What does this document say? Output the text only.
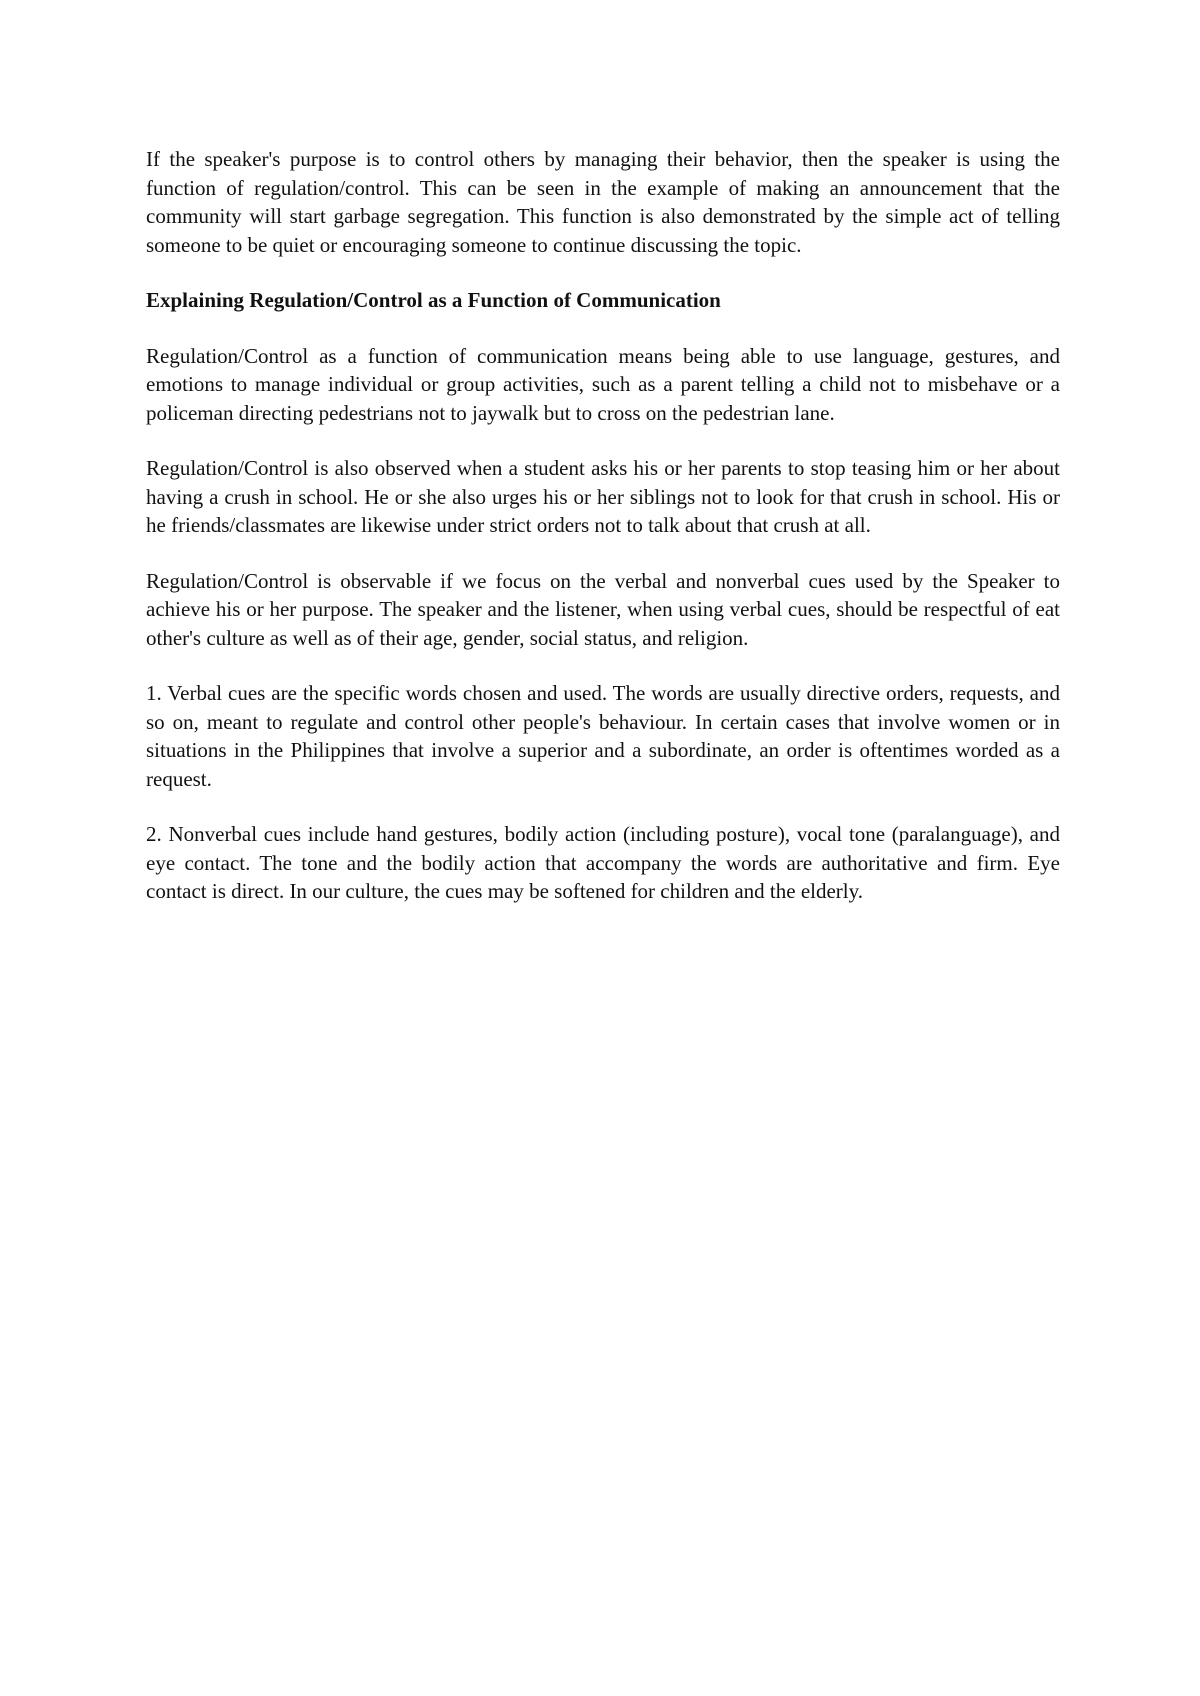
If the speaker's purpose is to control others by managing their behavior, then the speaker is using the function of regulation/control. This can be seen in the example of making an announcement that the community will start garbage segregation. This function is also demonstrated by the simple act of telling someone to be quiet or encouraging someone to continue discussing the topic.

Explaining Regulation/Control as a Function of Communication

Regulation/Control as a function of communication means being able to use language, gestures, and emotions to manage individual or group activities, such as a parent telling a child not to misbehave or a policeman directing pedestrians not to jaywalk but to cross on the pedestrian lane.

Regulation/Control is also observed when a student asks his or her parents to stop teasing him or her about having a crush in school. He or she also urges his or her siblings not to look for that crush in school. His or he friends/classmates are likewise under strict orders not to talk about that crush at all.

Regulation/Control is observable if we focus on the verbal and nonverbal cues used by the Speaker to achieve his or her purpose. The speaker and the listener, when using verbal cues, should be respectful of eat other's culture as well as of their age, gender, social status, and religion.

1. Verbal cues are the specific words chosen and used. The words are usually directive orders, requests, and so on, meant to regulate and control other people's behaviour. In certain cases that involve women or in situations in the Philippines that involve a superior and a subordinate, an order is oftentimes worded as a request.

2. Nonverbal cues include hand gestures, bodily action (including posture), vocal tone (paralanguage), and eye contact. The tone and the bodily action that accompany the words are authoritative and firm. Eye contact is direct. In our culture, the cues may be softened for children and the elderly.
